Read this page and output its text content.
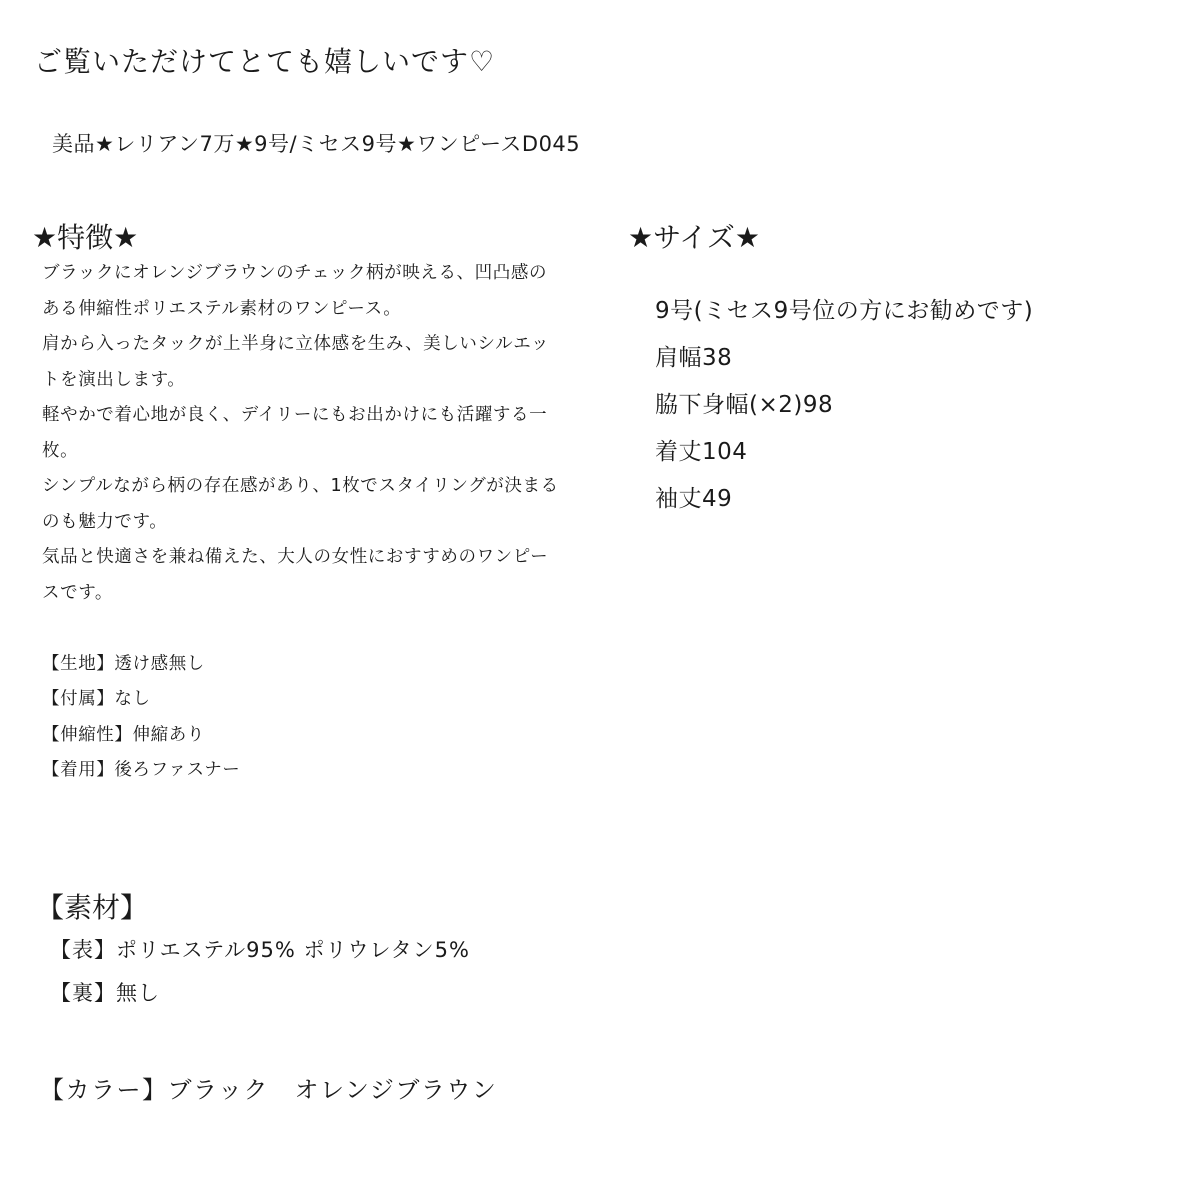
ご覧いただけてとても嬉しいです♡
美品★レリアン7万★9号/ミセス9号★ワンピースD045
★特徴★
ブラックにオレンジブラウンのチェック柄が映える、凹凸感の
ある伸縮性ポリエステル素材のワンピース。
肩から入ったタックが上半身に立体感を生み、美しいシルエッ
トを演出します。
軽やかで着心地が良く、デイリーにもお出かけにも活躍する一
枚。
シンプルながら柄の存在感があり、1枚でスタイリングが決まる
のも魅力です。
気品と快適さを兼ね備えた、大人の女性におすすめのワンピー
スです。
【生地】透け感無し
【付属】なし
【伸縮性】伸縮あり
【着用】後ろファスナー
★サイズ★
9号(ミセス9号位の方にお勧めです)
肩幅38
脇下身幅(×2)98
着丈104
袖丈49
【素材】
【表】ポリエステル95% ポリウレタン5%
【裏】無し
【カラー】ブラック　オレンジブラウン
